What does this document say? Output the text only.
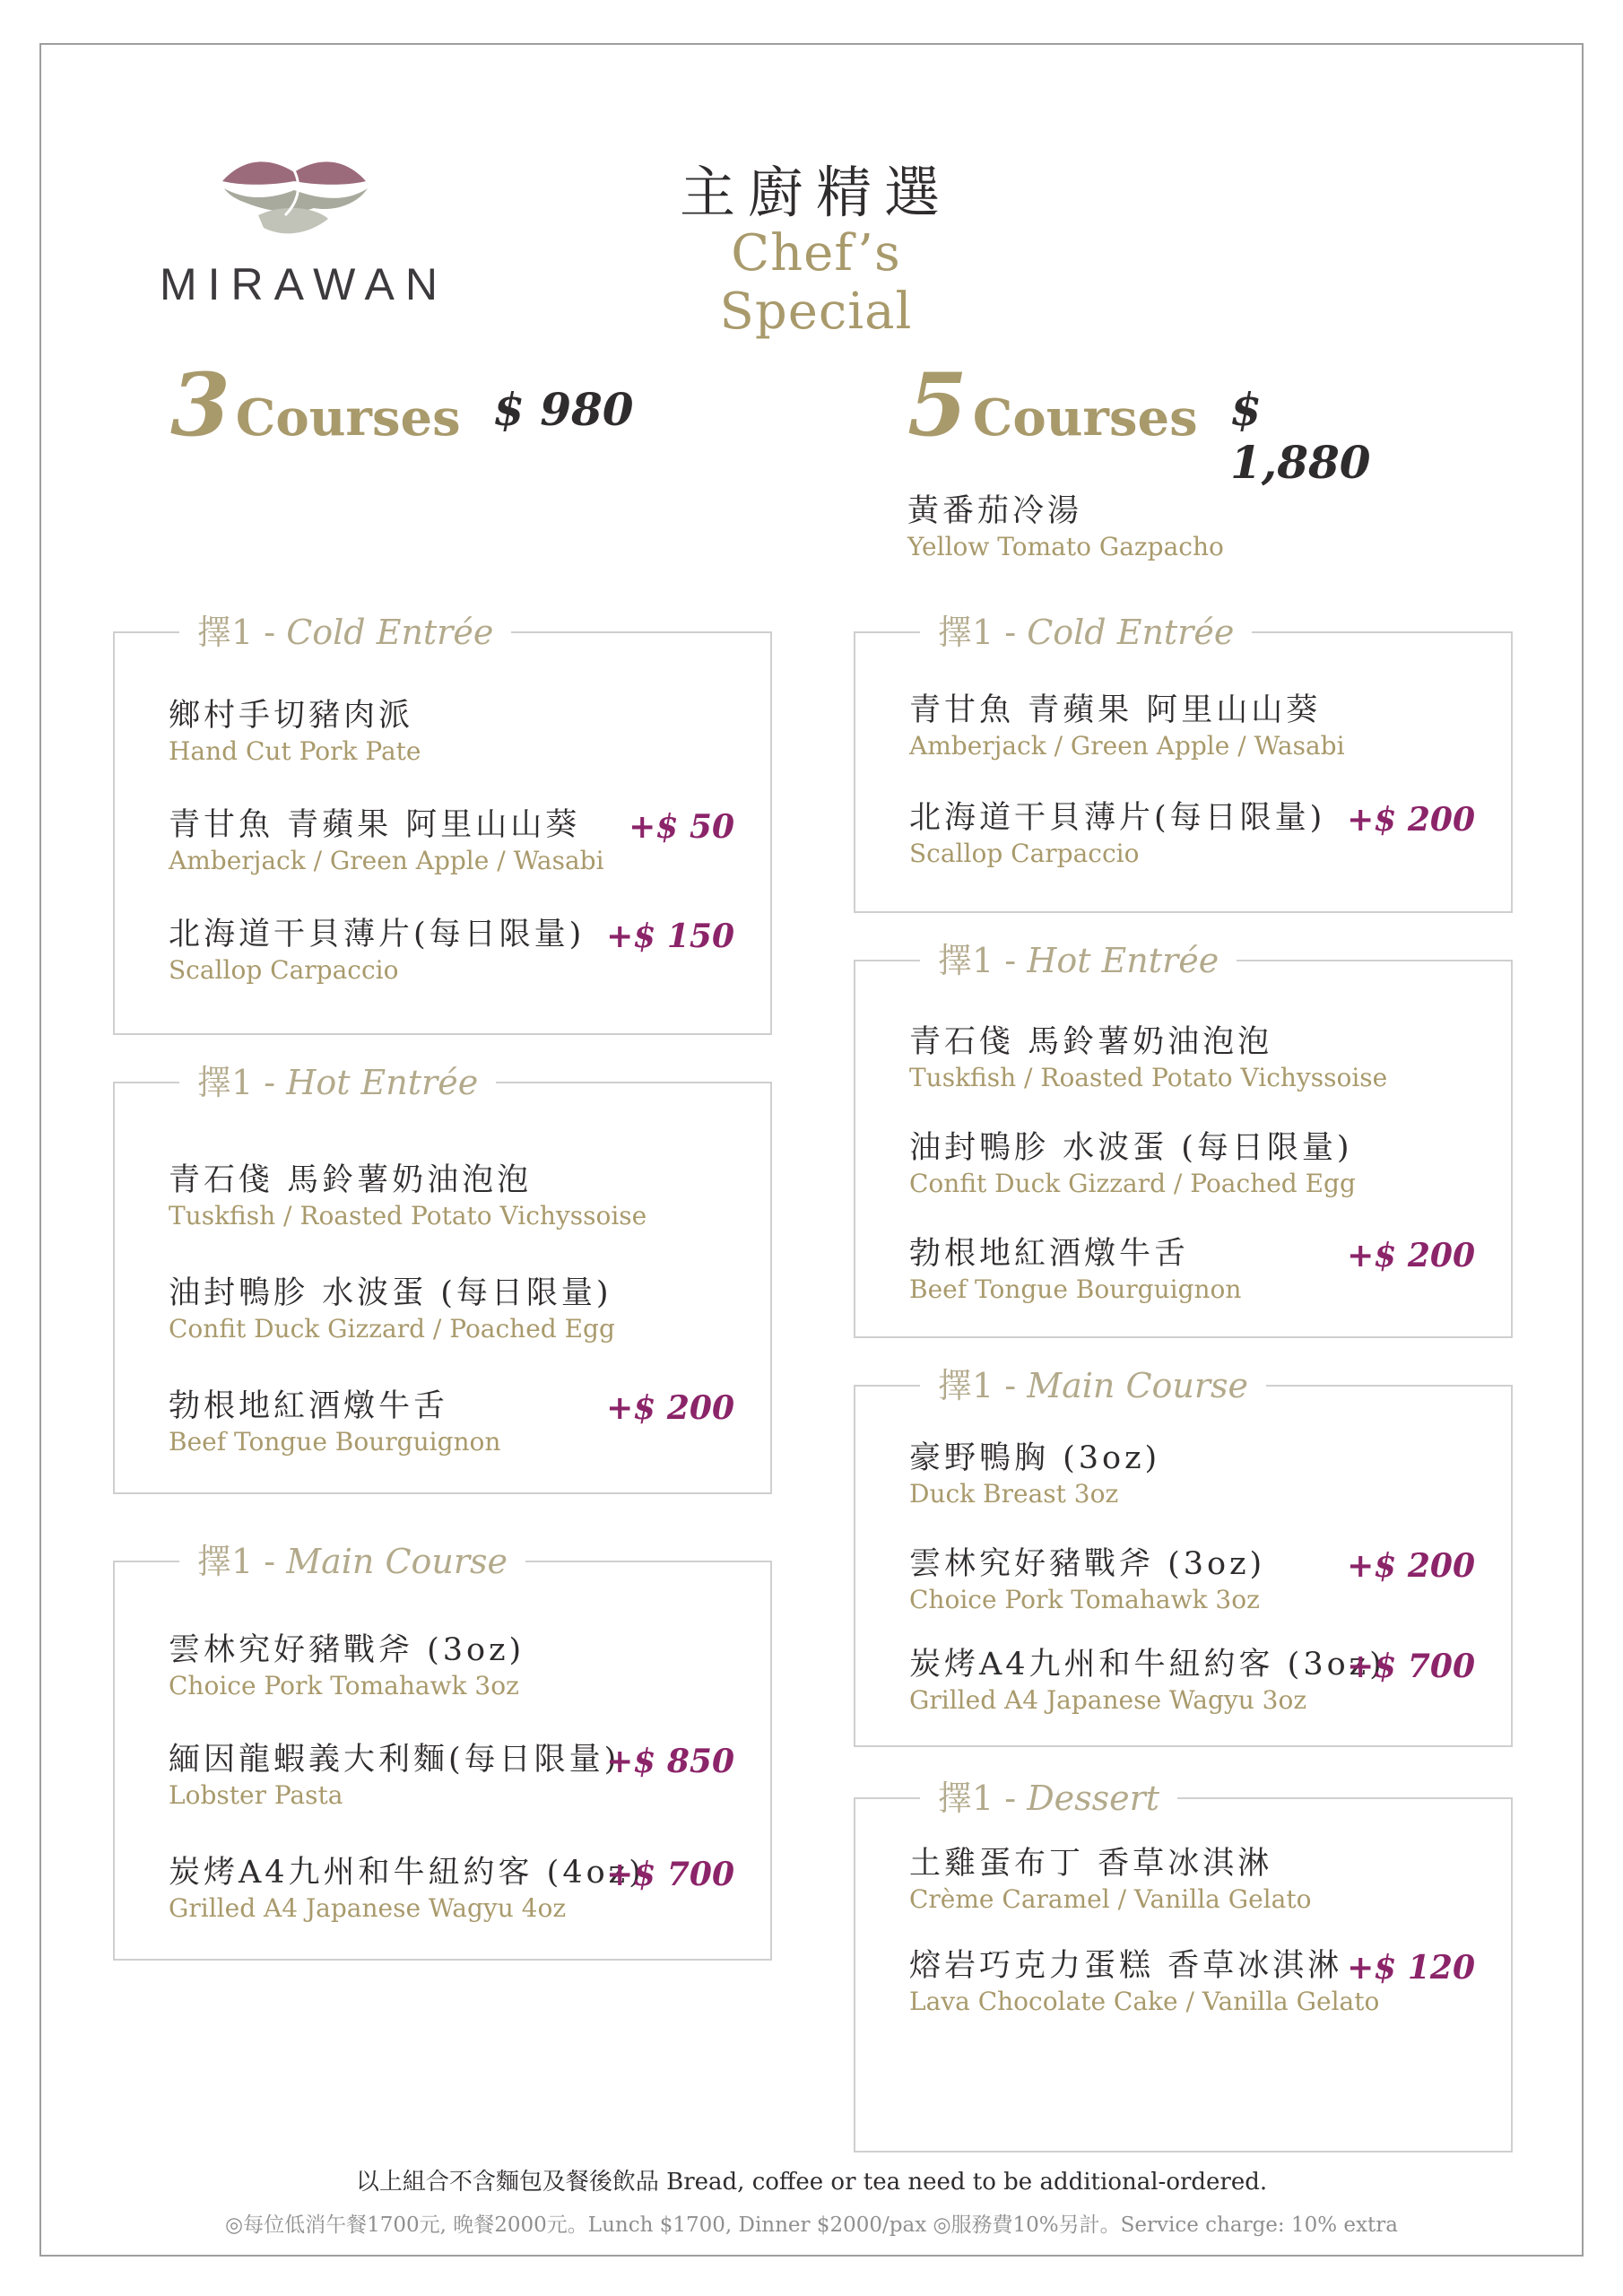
MIRAWAN
主廚精選
Chef’s Special
3 Courses $ 980	5 Courses $ 1,880
黃番茄冷湯
Yellow Tomato Gazpacho
擇1 - Cold Entrée
鄉村手切豬肉派
Hand Cut Pork Pate
青甘魚 青蘋果 阿里山山葵
Amberjack / Green Apple / Wasabi
+$ 50
北海道干貝薄片(每日限量)
Scallop Carpaccio
+$ 150
擇1 - Hot Entrée
青石俴 馬鈴薯奶油泡泡
Tuskfish / Roasted Potato Vichyssoise
油封鴨胗 水波蛋 (每日限量)
Confit Duck Gizzard / Poached Egg
勃根地紅酒燉牛舌
Beef Tongue Bourguignon
+$ 200
擇1 - Main Course
雲林究好豬戰斧 (3oz)
Choice Pork Tomahawk 3oz
緬因龍蝦義大利麵(每日限量)
Lobster Pasta
+$ 850
炭烤A4九州和牛紐約客 (4oz)
Grilled A4 Japanese Wagyu 4oz
+$ 700
擇1 - Cold Entrée
青甘魚 青蘋果 阿里山山葵
Amberjack / Green Apple / Wasabi
北海道干貝薄片(每日限量)
Scallop Carpaccio
+$ 200
擇1 - Hot Entrée
青石俴 馬鈴薯奶油泡泡
Tuskfish / Roasted Potato Vichyssoise
油封鴨胗 水波蛋 (每日限量)
Confit Duck Gizzard / Poached Egg
勃根地紅酒燉牛舌
Beef Tongue Bourguignon
+$ 200
擇1 - Main Course
豪野鴨胸 (3oz)
Duck Breast 3oz
雲林究好豬戰斧 (3oz)
Choice Pork Tomahawk 3oz
+$ 200
炭烤A4九州和牛紐約客 (3oz)
Grilled A4 Japanese Wagyu 3oz
+$ 700
擇1 - Dessert
土雞蛋布丁 香草冰淇淋
Crème Caramel / Vanilla Gelato
熔岩巧克力蛋糕 香草冰淇淋
Lava Chocolate Cake / Vanilla Gelato
+$ 120
以上組合不含麵包及餐後飲品 Bread, coffee or tea need to be additional-ordered.
◎每位低消午餐1700元, 晚餐2000元。Lunch $1700, Dinner $2000/pax ◎服務費10%另計。Service charge: 10% extra
